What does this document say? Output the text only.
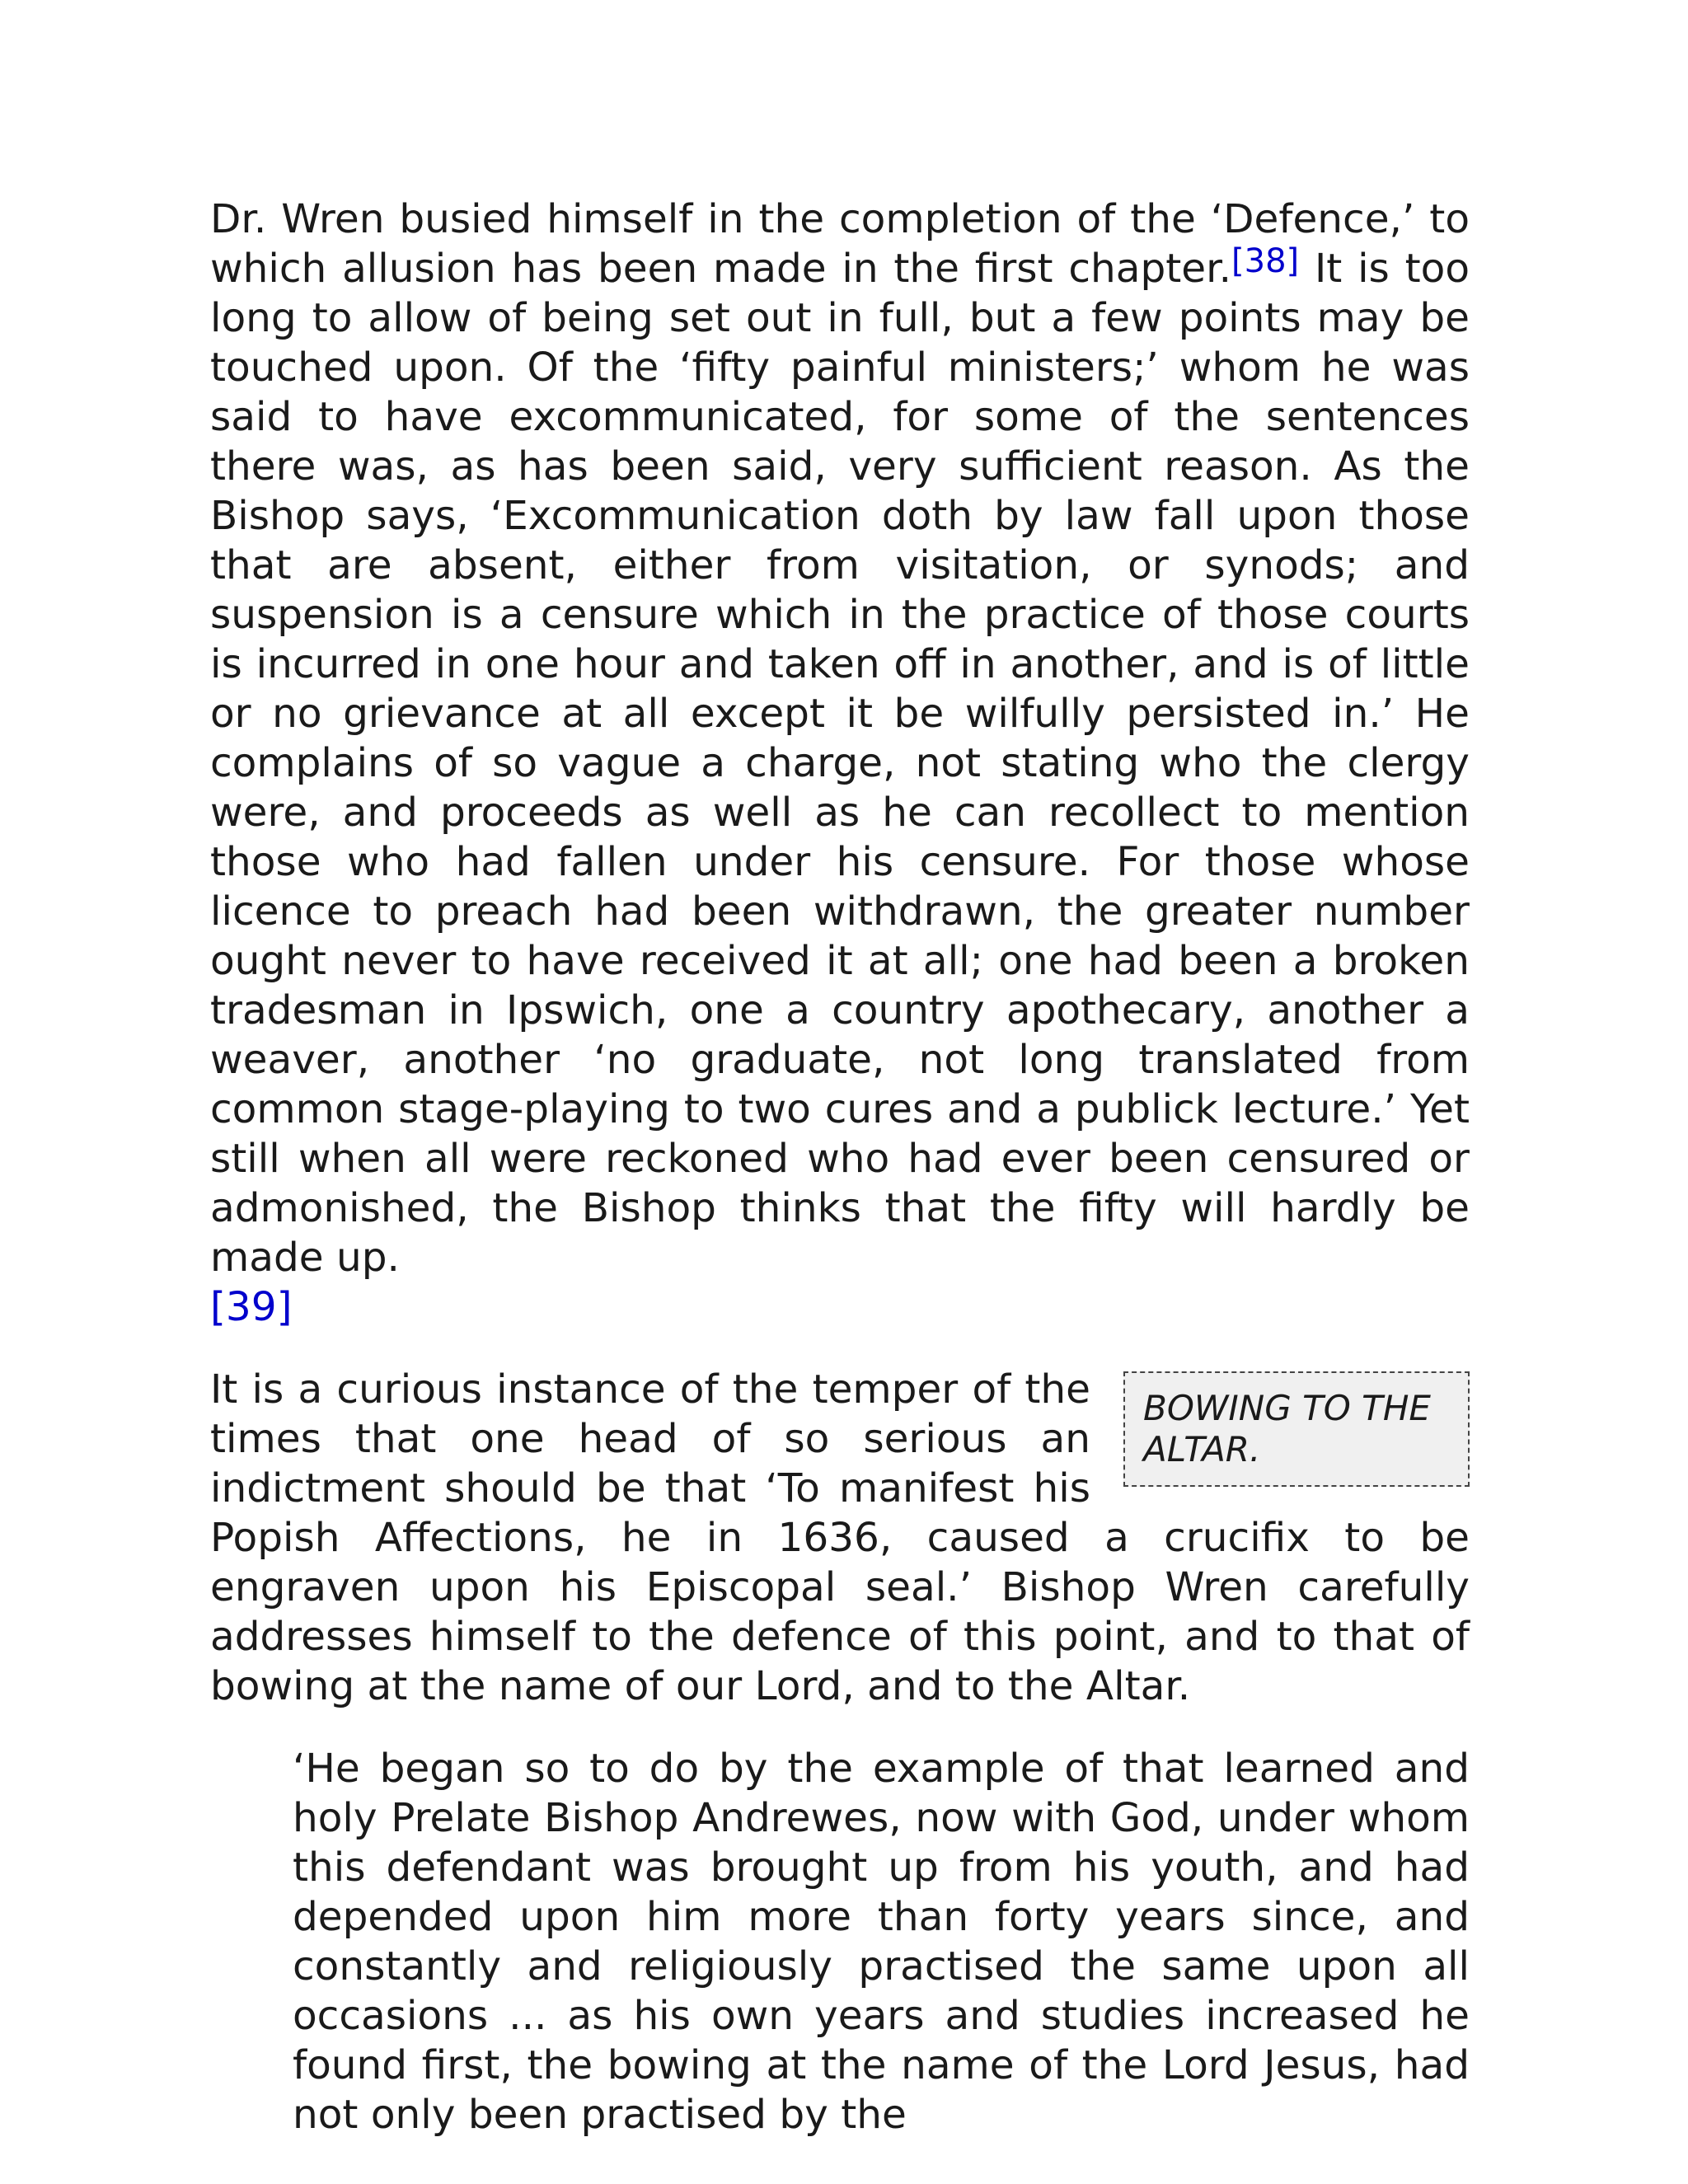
Dr. Wren busied himself in the completion of the ‘Defence,’ to which allusion has been made in the first chapter.[38] It is too long to allow of being set out in full, but a few points may be touched upon. Of the ‘fifty painful ministers;’ whom he was said to have excommunicated, for some of the sentences there was, as has been said, very sufficient reason. As the Bishop says, ‘Excommunication doth by law fall upon those that are absent, either from visitation, or synods; and suspension is a censure which in the practice of those courts is incurred in one hour and taken off in another, and is of little or no grievance at all except it be wilfully persisted in.’ He complains of so vague a charge, not stating who the clergy were, and proceeds as well as he can recollect to mention those who had fallen under his censure. For those whose licence to preach had been withdrawn, the greater number ought never to have received it at all; one had been a broken tradesman in Ipswich, one a country apothecary, another a weaver, another ‘no graduate, not long translated from common stage-playing to two cures and a publick lecture.’ Yet still when all were reckoned who had ever been censured or admonished, the Bishop thinks that the fifty will hardly be made up.
[39]

BOWING TO THE ALTAR.
It is a curious instance of the temper of the times that one head of so serious an indictment should be that ‘To manifest his Popish Affections, he in 1636, caused a crucifix to be engraven upon his Episcopal seal.’ Bishop Wren carefully addresses himself to the defence of this point, and to that of bowing at the name of our Lord, and to the Altar.

‘He began so to do by the example of that learned and holy Prelate Bishop Andrewes, now with God, under whom this defendant was brought up from his youth, and had depended upon him more than forty years since, and constantly and religiously practised the same upon all occasions ... as his own years and studies increased he found first, the bowing at the name of the Lord Jesus, had not only been practised by the
